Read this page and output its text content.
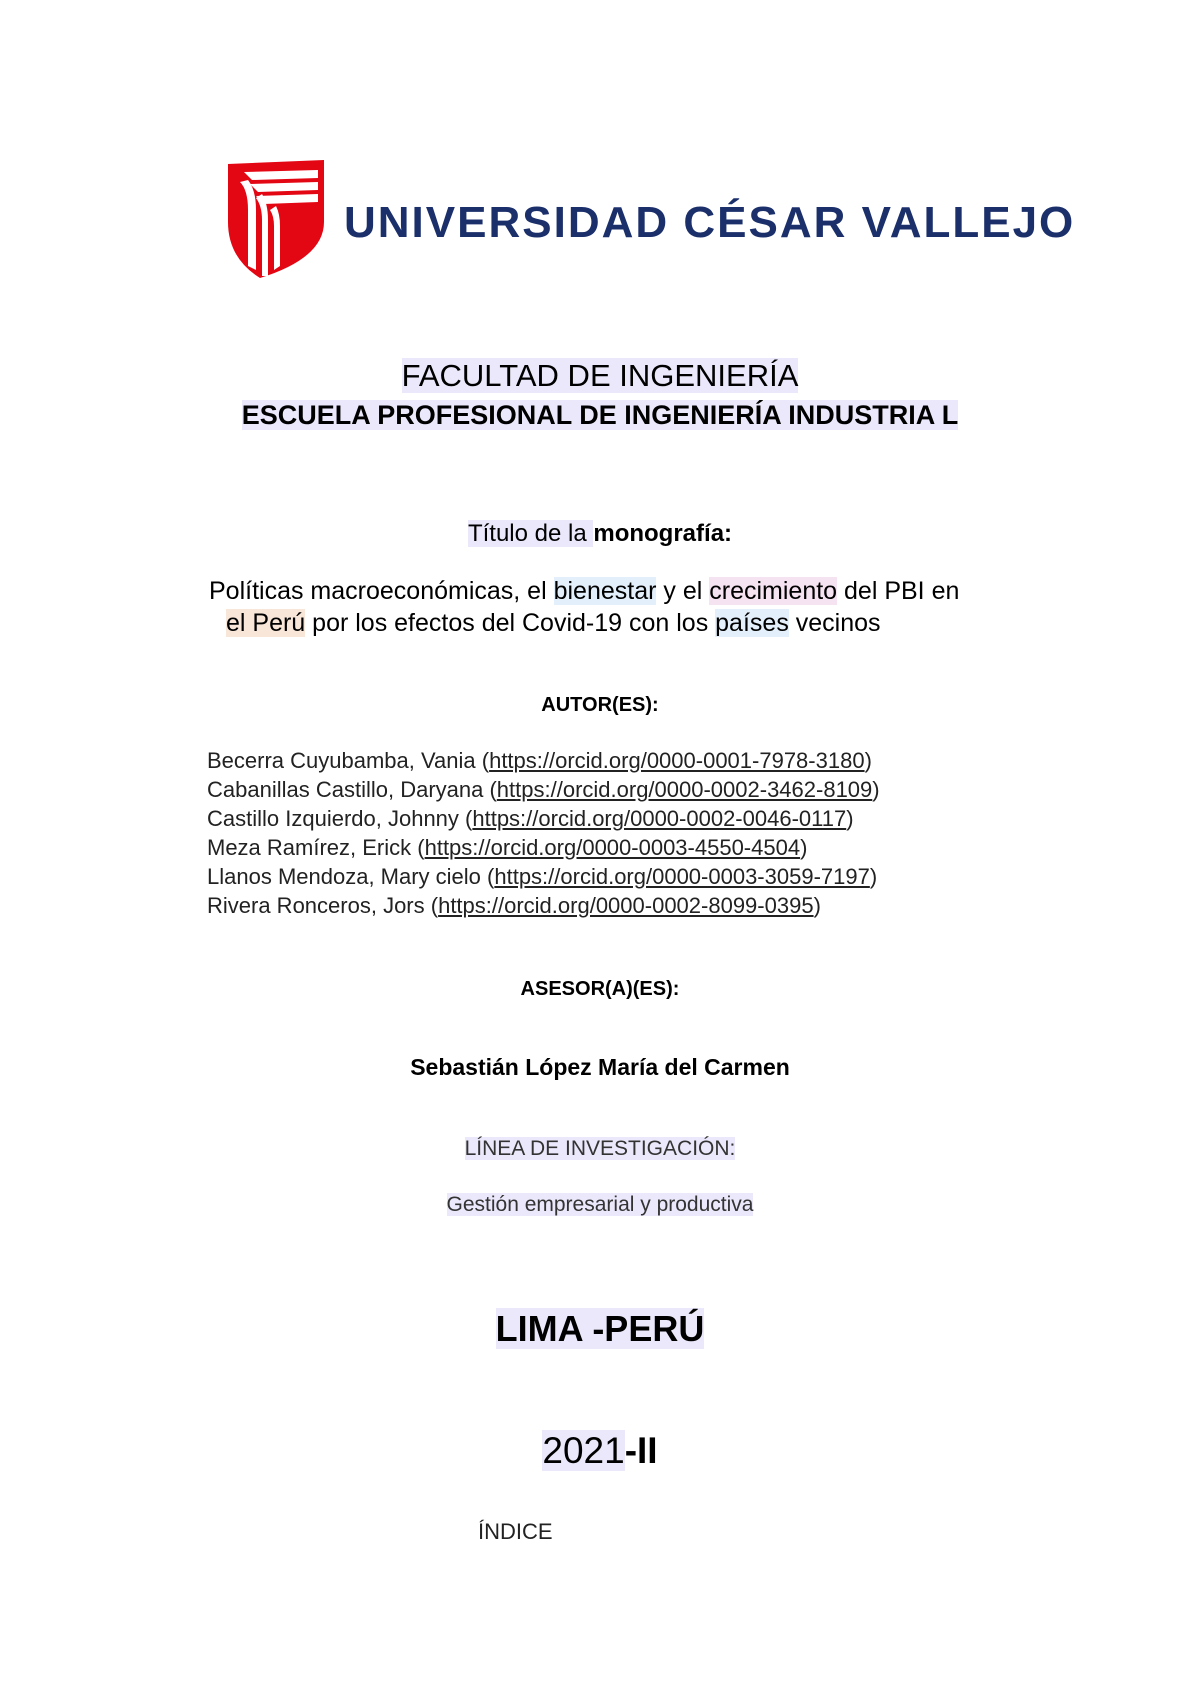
UNIVERSIDAD CÉSAR VALLEJO
FACULTAD DE INGENIERÍA
ESCUELA PROFESIONAL DE INGENIERÍA INDUSTRIA L
Título de la monografía:
Políticas macroeconómicas, el bienestar y el crecimiento del PBI en
el Perú por los efectos del Covid-19 con los países vecinos
AUTOR(ES):
Becerra Cuyubamba, Vania (https://orcid.org/0000-0001-7978-3180)
Cabanillas Castillo, Daryana (https://orcid.org/0000-0002-3462-8109)
Castillo Izquierdo, Johnny (https://orcid.org/0000-0002-0046-0117)
Meza Ramírez, Erick (https://orcid.org/0000-0003-4550-4504)
Llanos Mendoza, Mary cielo (https://orcid.org/0000-0003-3059-7197)
Rivera Ronceros, Jors (https://orcid.org/0000-0002-8099-0395)
ASESOR(A)(ES):
Sebastián López María del Carmen
LÍNEA DE INVESTIGACIÓN:
Gestión empresarial y productiva
LIMA -PERÚ
2021-II
ÍNDICE
